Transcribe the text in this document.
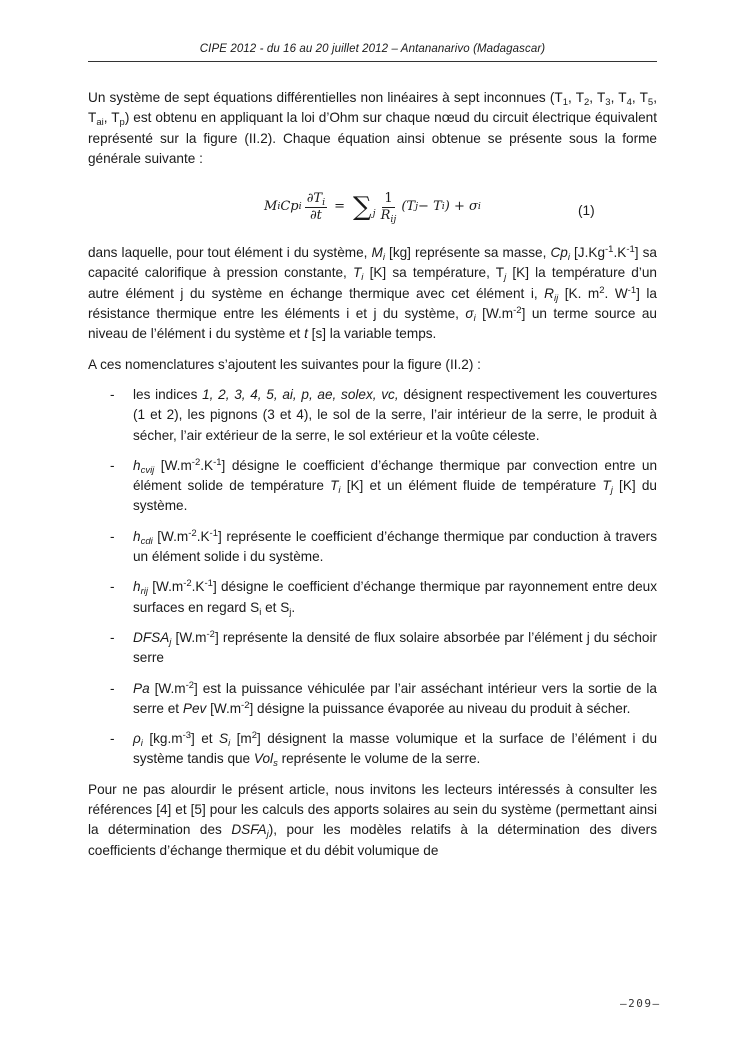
CIPE 2012 - du 16 au 20 juillet 2012 – Antananarivo (Madagascar)

Un système de sept équations différentielles non linéaires à sept inconnues ($T_1$, $T_2$, $T_3$, $T_4$, $T_5$, $T_{ai}$, $T_p$) est obtenu en appliquant la loi d’Ohm sur chaque nœud du circuit électrique équivalent représenté sur la figure (II.2). Chaque équation ainsi obtenue se présente sous la forme générale suivante :

M i Cp i $\frac{\partial T_i}{\partial t}$ = ∑ j $\frac{1}{R_{ij}} (T$ j − T i ) + σ i	(1)

dans laquelle, pour tout élément i du système, $M_i$ [kg] représente sa masse, $Cp_i$ $[J.Kg^{-1}.K^{-1}]$ sa capacité calorifique à pression constante, $T_i$ [K] sa température, $T_j$ [K] la température d’un autre élément j du système en échange thermique avec cet élément i, $R_{ij}$ [K. $m^2$. $W^{-1}$] la résistance thermique entre les éléments i et j du système, $\sigma_i$ $[W.m^{-2}]$ un terme source au niveau de l’élément i du système et t [s] la variable temps.

A ces nomenclatures s’ajoutent les suivantes pour la figure (II.2) :

- les indices 1, 2, 3, 4, 5, ai, p, ae, solex, vc, désignent respectivement les couvertures (1 et 2), les pignons (3 et 4), le sol de la serre, l’air intérieur de la serre, le produit à sécher, l’air extérieur de la serre, le sol extérieur et la voûte céleste.
- $h_{cvij}$ $[W.m^{-2}.K^{-1}]$ désigne le coefficient d’échange thermique par convection entre un élément solide de température $T_i$ [K] et un élément fluide de température $T_j$ [K] du système.
- $h_{cdi}$ $[W.m^{-2}.K^{-1}]$ représente le coefficient d’échange thermique par conduction à travers un élément solide i du système.
- $h_{rij}$ $[W.m^{-2}.K^{-1}]$ désigne le coefficient d’échange thermique par rayonnement entre deux surfaces en regard $S_i$ et $S_j$.
- $DFSA_j$ $[W.m^{-2}]$ représente la densité de flux solaire absorbée par l’élément j du séchoir serre
- Pa $[W.m^{-2}]$ est la puissance véhiculée par l’air asséchant intérieur vers la sortie de la serre et Pev $[W.m^{-2}]$ désigne la puissance évaporée au niveau du produit à sécher.
- $\rho_i$ $[kg.m^{-3}]$ et $S_i$ $[m^2]$ désignent la masse volumique et la surface de l’élément i du système tandis que Vol$_s$ représente le volume de la serre.

Pour ne pas alourdir le présent article, nous invitons les lecteurs intéressés à consulter les références [4] et [5] pour les calculs des apports solaires au sein du système (permettant ainsi la détermination des $DSFA_j$), pour les modèles relatifs à la détermination des divers coefficients d’échange thermique et du débit volumique de

–209–
